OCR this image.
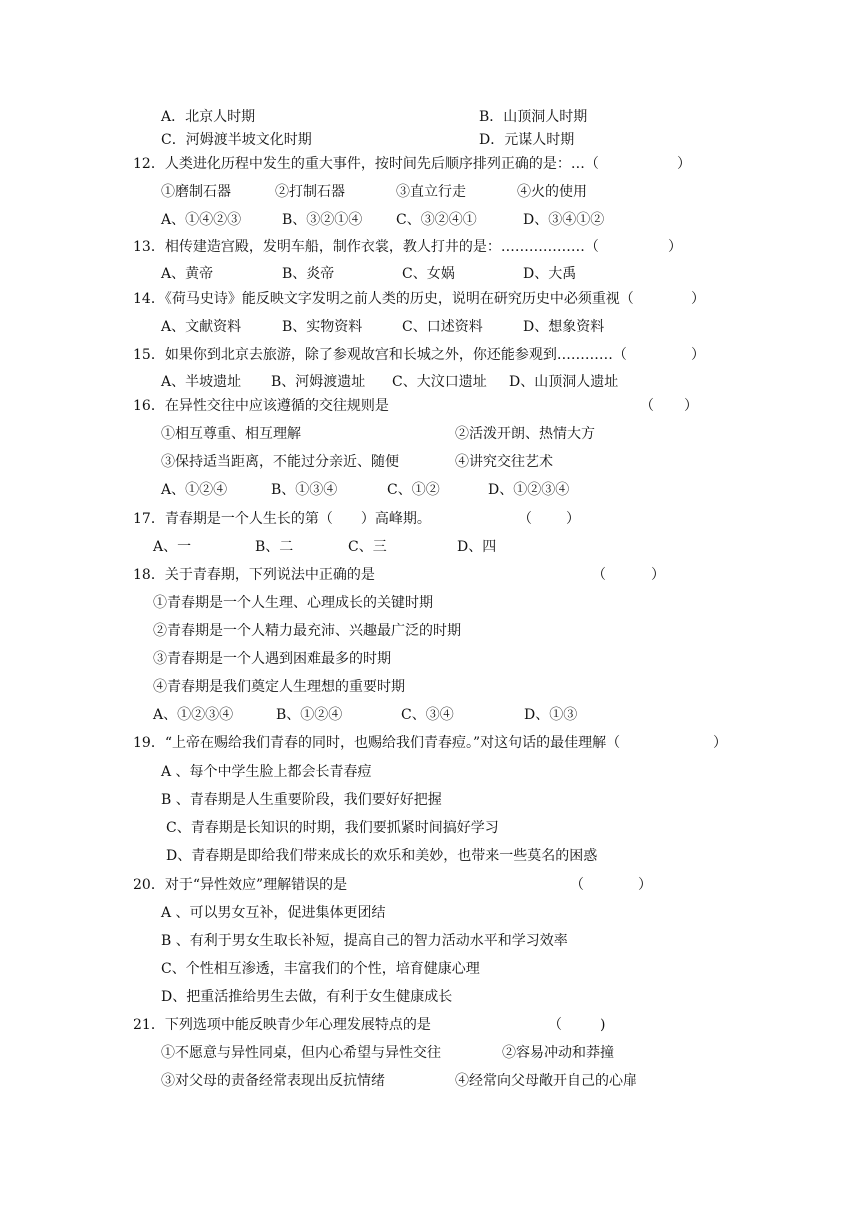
A．北京人时期	B．山顶洞人时期
C．河姆渡半坡文化时期	D．元谋人时期
12．人类进化历程中发生的重大事件，按时间先后顺序排列正确的是：…（	）
①磨制石器	②打制石器	③直立行走	④火的使用
A、①④②③	B、③②①④ C、③②④①	D、③④①②
13．相传建造宫殿，发明车船，制作衣裳，教人打井的是：………………（	）
A、黄帝	B、炎帝	C、女娲	D、大禹
14．《荷马史诗》能反映文字发明之前人类的历史，说明在研究历史中必须重视（	）
A、文献资料	B、实物资料	C、口述资料	D、想象资料
15．如果你到北京去旅游，除了参观故宫和长城之外，你还能参观到…………（	）
A、半坡遗址 B、河姆渡遗址 C、大汶口遗址 D、山顶洞人遗址
16．在异性交往中应该遵循的交往规则是	（ ）
①相互尊重、相互理解	②活泼开朗、热情大方
③保持适当距离，不能过分亲近、随便	④讲究交往艺术
A、①②④	B、①③④	C、①②	D、①②③④
17．青春期是一个人生长的第（　　）高峰期。	（ ）
A、一	B、二	C、三	D、四
18．关于青春期，下列说法中正确的是	（	）
①青春期是一个人生理、心理成长的关键时期
②青春期是一个人精力最充沛、兴趣最广泛的时期
③青春期是一个人遇到困难最多的时期
④青春期是我们奠定人生理想的重要时期
A、①②③④	B、①②④	C、③④	D、①③
19．“上帝在赐给我们青春的同时，也赐给我们青春痘。”对这句话的最佳理解（	）
A 、每个中学生脸上都会长青春痘
B 、青春期是人生重要阶段，我们要好好把握
C、青春期是长知识的时期，我们要抓紧时间搞好学习
D、青春期是即给我们带来成长的欢乐和美妙，也带来一些莫名的困惑
20．对于“异性效应”理解错误的是	（	）
A 、可以男女互补，促进集体更团结
B 、有利于男女生取长补短，提高自己的智力活动水平和学习效率
C、个性相互渗透，丰富我们的个性，培育健康心理
D、把重活推给男生去做，有利于女生健康成长
21．下列选项中能反映青少年心理发展特点的是	（	)
①不愿意与异性同桌，但内心希望与异性交往	②容易冲动和莽撞
③对父母的责备经常表现出反抗情绪	④经常向父母敞开自己的心扉
